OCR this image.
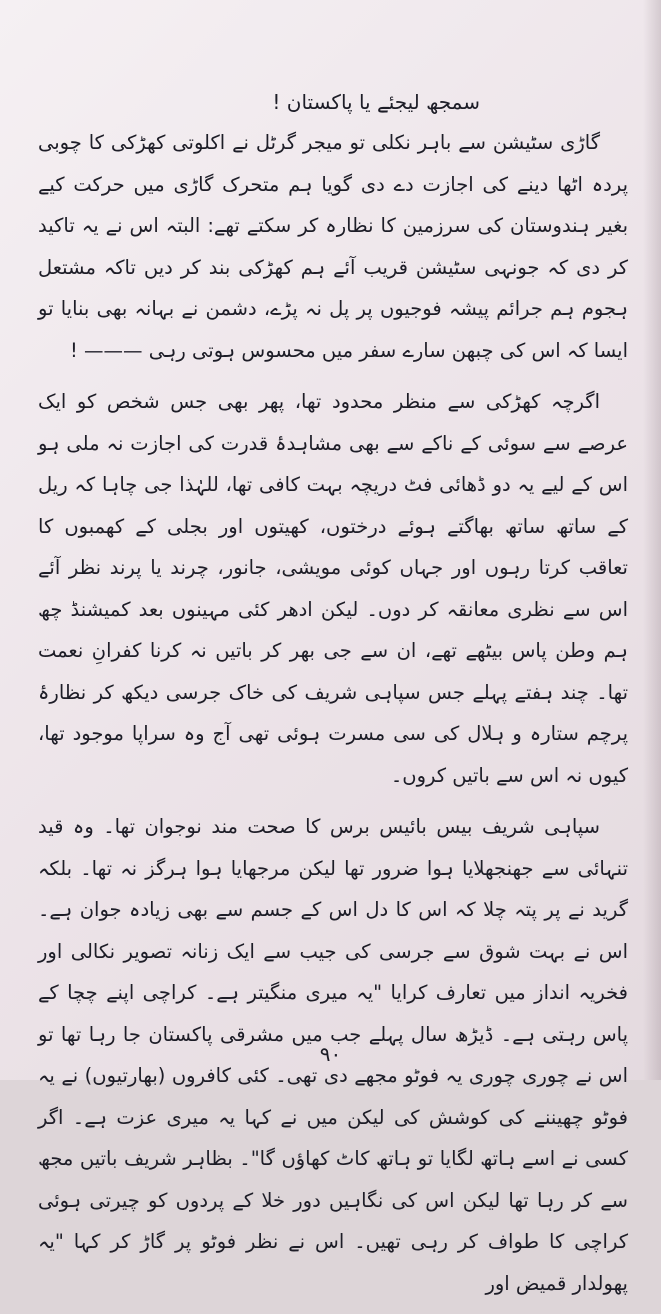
سمجھ لیجئے یا پاکستان !

گاڑی سٹیشن سے باہر نکلی تو میجر گرٹل نے اکلوتی کھڑکی کا چوبی پردہ اٹھا دینے کی اجازت دے دی گویا ہم متحرک گاڑی میں حرکت کیے بغیر ہندوستان کی سرزمین کا نظارہ کر سکتے تھے: البتہ اس نے یہ تاکید کر دی کہ جونہی سٹیشن قریب آئے ہم کھڑکی بند کر دیں تاکہ مشتعل ہجوم ہم جرائم پیشہ فوجیوں پر پل نہ پڑے، دشمن نے بہانہ بھی بنایا تو ایسا کہ اس کی چبھن سارے سفر میں محسوس ہوتی رہی ——— !

اگرچہ کھڑکی سے منظر محدود تھا، پھر بھی جس شخص کو ایک عرصے سے سوئی کے ناکے سے بھی مشاہدۂ قدرت کی اجازت نہ ملی ہو اس کے لیے یہ دو ڈھائی فٹ دریچہ بہت کافی تھا، للہٰذا جی چاہا کہ ریل کے ساتھ ساتھ بھاگتے ہوئے درختوں، کھیتوں اور بجلی کے کھمبوں کا تعاقب کرتا رہوں اور جہاں کوئی مویشی، جانور، چرند یا پرند نظر آئے اس سے نظری معانقہ کر دوں۔ لیکن ادھر کئی مہینوں بعد کمیشنڈ چھ ہم وطن پاس بیٹھے تھے، ان سے جی بھر کر باتیں نہ کرنا کفرانِ نعمت تھا۔ چند ہفتے پہلے جس سپاہی شریف کی خاک جرسی دیکھ کر نظارۂ پرچم ستارہ و ہلال کی سی مسرت ہوئی تھی آج وہ سراپا موجود تھا، کیوں نہ اس سے باتیں کروں۔

سپاہی شریف بیس بائیس برس کا صحت مند نوجوان تھا۔ وہ قید تنہائی سے جھنجھلایا ہوا ضرور تھا لیکن مرجھایا ہوا ہرگز نہ تھا۔ بلکہ گرید نے پر پتہ چلا کہ اس کا دل اس کے جسم سے بھی زیادہ جوان ہے۔ اس نے بہت شوق سے جرسی کی جیب سے ایک زنانہ تصویر نکالی اور فخریہ انداز میں تعارف کرایا "یہ میری منگیتر ہے۔ کراچی اپنے چچا کے پاس رہتی ہے۔ ڈیڑھ سال پہلے جب میں مشرقی پاکستان جا رہا تھا تو اس نے چوری چوری یہ فوٹو مجھے دی تھی۔ کئی کافروں (بھارتیوں) نے یہ فوٹو چھیننے کی کوشش کی لیکن میں نے کہا یہ میری عزت ہے۔ اگر کسی نے اسے ہاتھ لگایا تو ہاتھ کاٹ کھاؤں گا"۔ بظاہر شریف باتیں مجھ سے کر رہا تھا لیکن اس کی نگاہیں دور خلا کے پردوں کو چیرتی ہوئی کراچی کا طواف کر رہی تھیں۔ اس نے نظر فوٹو پر گاڑ کر کہا "یہ پھولدار قمیض اور

٩٠
